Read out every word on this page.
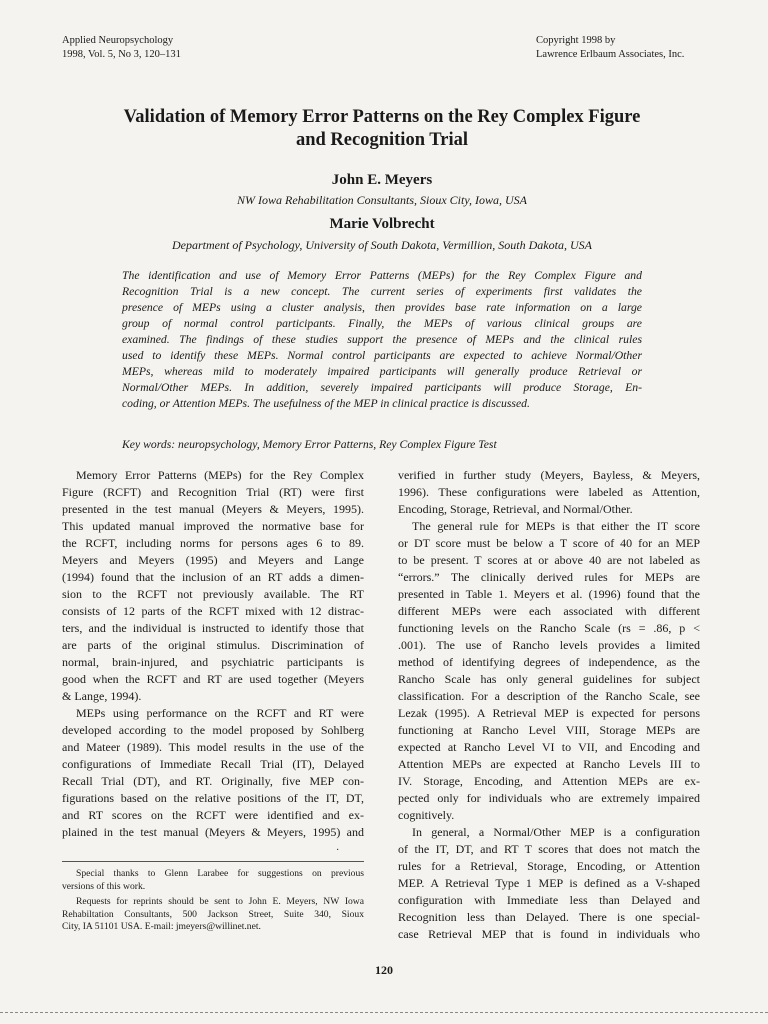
Applied Neuropsychology
1998, Vol. 5, No 3, 120–131
Copyright 1998 by
Lawrence Erlbaum Associates, Inc.
Validation of Memory Error Patterns on the Rey Complex Figure
and Recognition Trial
John E. Meyers
NW Iowa Rehabilitation Consultants, Sioux City, Iowa, USA
Marie Volbrecht
Department of Psychology, University of South Dakota, Vermillion, South Dakota, USA
The identification and use of Memory Error Patterns (MEPs) for the Rey Complex Figure and
Recognition Trial is a new concept. The current series of experiments first validates the
presence of MEPs using a cluster analysis, then provides base rate information on a large
group of normal control participants. Finally, the MEPs of various clinical groups are
examined. The findings of these studies support the presence of MEPs and the clinical rules
used to identify these MEPs. Normal control participants are expected to achieve Normal/Other
MEPs, whereas mild to moderately impaired participants will generally produce Retrieval or
Normal/Other MEPs. In addition, severely impaired participants will produce Storage, En-
coding, or Attention MEPs. The usefulness of the MEP in clinical practice is discussed.
Key words: neuropsychology, Memory Error Patterns, Rey Complex Figure Test
Memory Error Patterns (MEPs) for the Rey Complex
Figure (RCFT) and Recognition Trial (RT) were first
presented in the test manual (Meyers & Meyers, 1995).
This updated manual improved the normative base for
the RCFT, including norms for persons ages 6 to 89.
Meyers and Meyers (1995) and Meyers and Lange
(1994) found that the inclusion of an RT adds a dimen-
sion to the RCFT not previously available. The RT
consists of 12 parts of the RCFT mixed with 12 distrac-
ters, and the individual is instructed to identify those that
are parts of the original stimulus. Discrimination of
normal, brain-injured, and psychiatric participants is
good when the RCFT and RT are used together (Meyers
& Lange, 1994).
MEPs using performance on the RCFT and RT were
developed according to the model proposed by Sohlberg
and Mateer (1989). This model results in the use of the
configurations of Immediate Recall Trial (IT), Delayed
Recall Trial (DT), and RT. Originally, five MEP con-
figurations based on the relative positions of the IT, DT,
and RT scores on the RCFT were identified and ex-
plained in the test manual (Meyers & Meyers, 1995) and
·
Special thanks to Glenn Larabee for suggestions on previous
versions of this work.
Requests for reprints should be sent to John E. Meyers, NW Iowa
Rehabiltation Consultants, 500 Jackson Street, Suite 340, Sioux
City, IA 51101 USA. E-mail: jmeyers@willinet.net.
verified in further study (Meyers, Bayless, & Meyers,
1996). These configurations were labeled as Attention,
Encoding, Storage, Retrieval, and Normal/Other.
The general rule for MEPs is that either the IT score
or DT score must be below a T score of 40 for an MEP
to be present. T scores at or above 40 are not labeled as
“errors.” The clinically derived rules for MEPs are
presented in Table 1. Meyers et al. (1996) found that the
different MEPs were each associated with different
functioning levels on the Rancho Scale (rs = .86, p <
.001). The use of Rancho levels provides a limited
method of identifying degrees of independence, as the
Rancho Scale has only general guidelines for subject
classification. For a description of the Rancho Scale, see
Lezak (1995). A Retrieval MEP is expected for persons
functioning at Rancho Level VIII, Storage MEPs are
expected at Rancho Level VI to VII, and Encoding and
Attention MEPs are expected at Rancho Levels III to
IV. Storage, Encoding, and Attention MEPs are ex-
pected only for individuals who are extremely impaired
cognitively.
In general, a Normal/Other MEP is a configuration
of the IT, DT, and RT T scores that does not match the
rules for a Retrieval, Storage, Encoding, or Attention
MEP. A Retrieval Type 1 MEP is defined as a V-shaped
configuration with Immediate less than Delayed and
Recognition less than Delayed. There is one special-
case Retrieval MEP that is found in individuals who
120
